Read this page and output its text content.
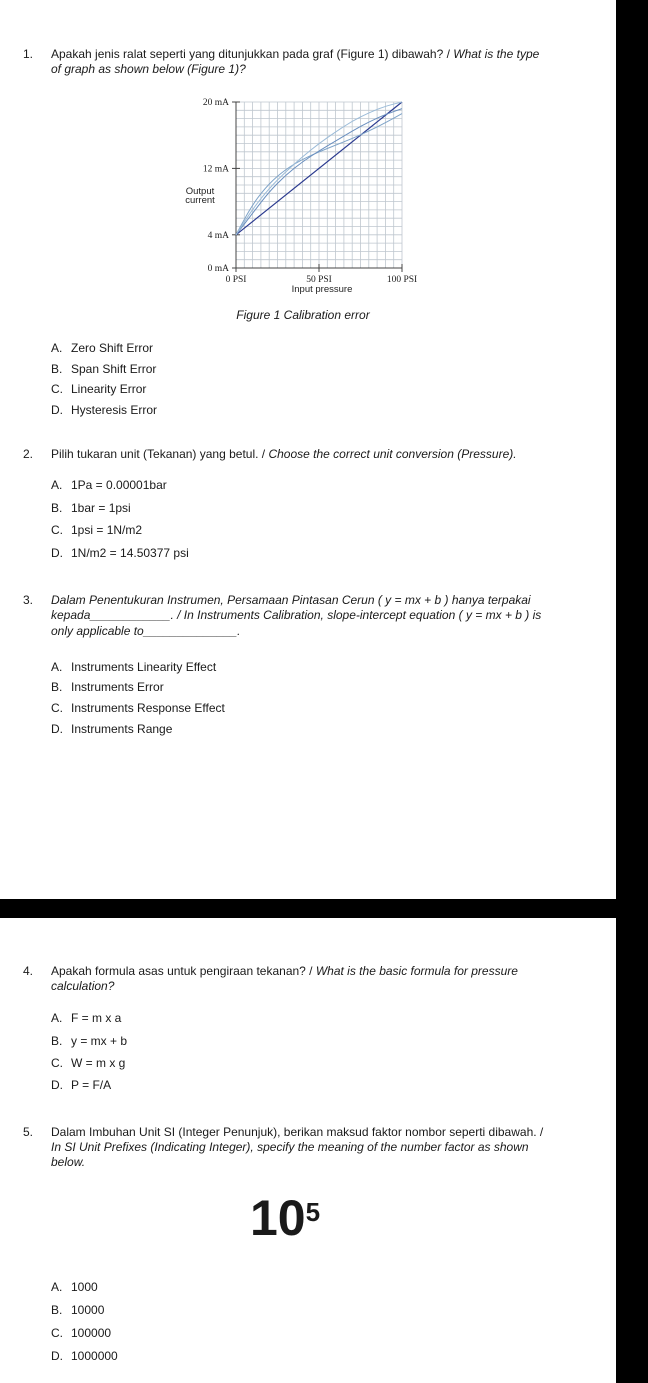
1. Apakah jenis ralat seperti yang ditunjukkan pada graf (Figure 1) dibawah? / What is the type
of graph as shown below (Figure 1)?
0 mA
4 mA
12 mA
20 mA
0 PSI	50 PSI	100 PSI
Input pressure
Output current
Figure 1 Calibration error
A. Zero Shift Error
B. Span Shift Error
C. Linearity Error
D. Hysteresis Error
2. Pilih tukaran unit (Tekanan) yang betul. / Choose the correct unit conversion (Pressure).
A. 1Pa = 0.00001bar
B. 1bar = 1psi
C. 1psi = 1N/m2
D. 1N/m2 = 14.50377 psi
3. Dalam Penentukuran Instrumen, Persamaan Pintasan Cerun ( y = mx + b ) hanya terpakai
kepada____________. / In Instruments Calibration, slope-intercept equation ( y = mx + b ) is
only applicable to______________.
A. Instruments Linearity Effect
B. Instruments Error
C. Instruments Response Effect
D. Instruments Range
4. Apakah formula asas untuk pengiraan tekanan? / What is the basic formula for pressure
calculation?
A. F = m x a
B. y = mx + b
C. W = m x g
D. P = F/A
5. Dalam Imbuhan Unit SI (Integer Penunjuk), berikan maksud faktor nombor seperti dibawah. /
In SI Unit Prefixes (Indicating Integer), specify the meaning of the number factor as shown
below.
$10^5$
A. 1000
B. 10000
C. 100000
D. 1000000
